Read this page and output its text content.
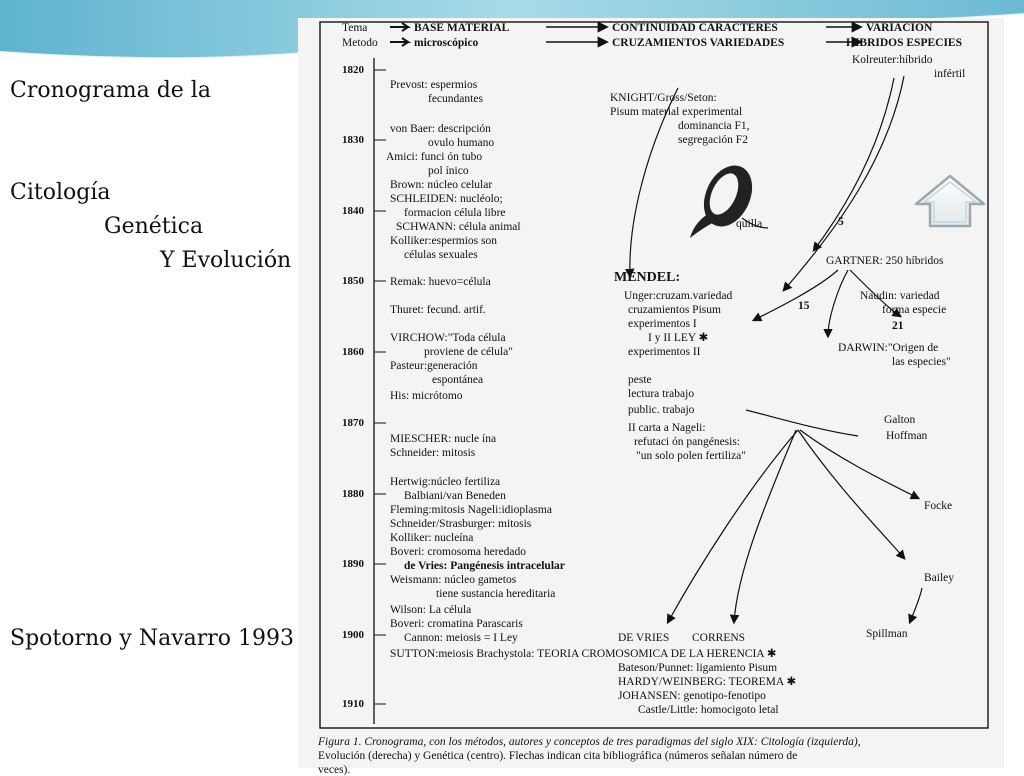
Cronograma de la
Citología
Genética
Y Evolución
Spotorno y Navarro 1993
Tema
Metodo
BASE MATERIAL
microscópico
CONTINUIDAD CARACTERES
CRUZAMIENTOS VARIEDADES
VARIACION
HIBRIDOS ESPECIES
1820
1830
1840
1850
1860
1870
1880
1890
1900
1910
Prevost: espermios
fecundantes
von Baer: descripción
ovulo humano
Amici: funci ón tubo
pol ínico
Brown: núcleo celular
SCHLEIDEN: nucléolo;
formacion célula libre
SCHWANN: célula animal
Kolliker:espermios son
células sexuales
Remak: huevo=célula
Thuret: fecund. artif.
VIRCHOW:"Toda célula
proviene de célula"
Pasteur:generación
espontánea
His: micrótomo
MIESCHER: nucle ína
Schneider: mitosis
Hertwig:núcleo fertiliza
Balbiani/van Beneden
Fleming:mitosis Nageli:idioplasma
Schneider/Strasburger: mitosis
Kolliker: nucleína
Boveri: cromosoma heredado
de Vries: Pangénesis intracelular
Weismann: núcleo gametos
tiene sustancia hereditaria
Wilson: La célula
Boveri: cromatina Parascaris
Cannon: meiosis = I Ley
SUTTON:meiosis Brachystola: TEORIA CROMOSOMICA DE LA HERENCIA ✱
KNIGHT/Gross/Seton:
Pisum material experimental
dominancia F1,
segregación F2
quilla
MENDEL:
Unger:cruzam.variedad
cruzamientos Pisum
experimentos I
I y II LEY ✱
experimentos II
peste
lectura trabajo
public. trabajo
II carta a Nageli:
refutaci ón pangénesis:
"un solo polen fertiliza"
DE VRIES CORRENS
Bateson/Punnet: ligamiento Pisum
HARDY/WEINBERG: TEOREMA ✱
JOHANSEN: genotipo-fenotipo
Castle/Little: homocigoto letal
Kolreuter:híbrido
infértil
GARTNER: 250 híbridos
Naudin: variedad
forma especie
DARWIN:"Origen de
las especies"
Galton
Hoffman
Focke
Bailey
Spillman
5
15
21
Figura 1. Cronograma, con los métodos, autores y conceptos de tres paradigmas del siglo XIX: Citología (izquierda),
Evolución (derecha) y Genética (centro). Flechas indican cita bibliográfica (números señalan número de
veces).
